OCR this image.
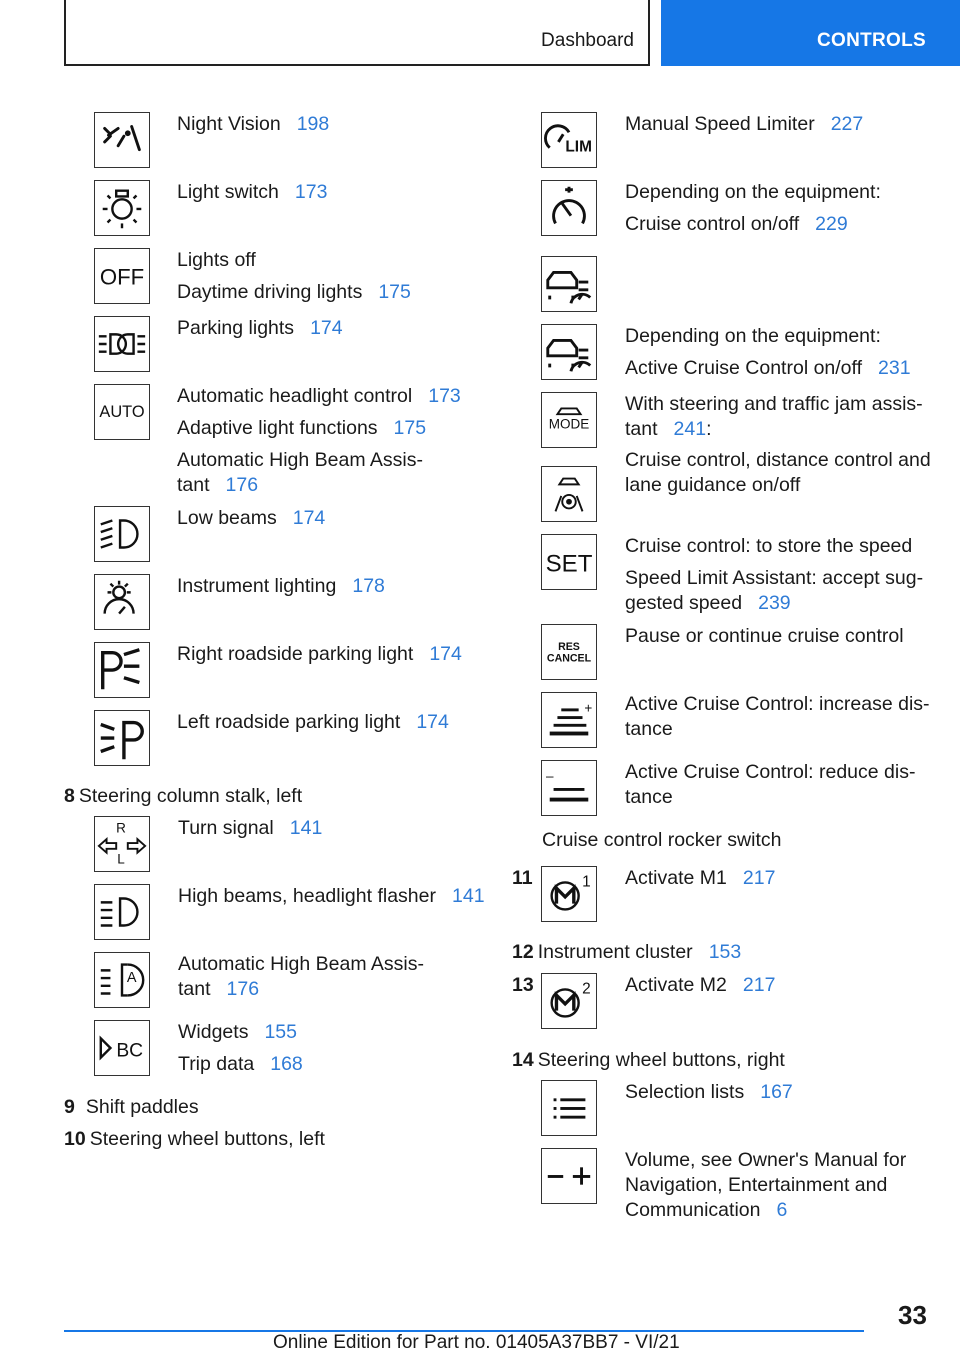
Dashboard	CONTROLS
Night Vision 198
Light switch 173
OFF
Lights off
Daytime driving lights 175
Parking lights 174
AUTO
Automatic headlight control 173
Adaptive light functions 175
Automatic High Beam Assis-
tant 176
Low beams 174
Instrument lighting 178
Right roadside parking light 174
Left roadside parking light 174
8 Steering column stalk, left
R
L
Turn signal 141
High beams, headlight flasher 141
A
Automatic High Beam Assis-
tant 176
BC
Widgets 155
Trip data 168
9 Shift paddles
10 Steering wheel buttons, left
LIM
Manual Speed Limiter 227
Depending on the equipment:
Cruise control on/off 229
Depending on the equipment:
Active Cruise Control on/off 231
MODE
With steering and traffic jam assis-
tant 241:
Cruise control, distance control and
lane guidance on/off
SET
Cruise control: to store the speed
Speed Limit Assistant: accept sug-
gested speed 239
RES
CANCEL
Pause or continue cruise control
+ Active Cruise Control: increase dis-
tance
–	Active Cruise Control: reduce dis-
tance
Cruise control rocker switch
11	1 Activate M1 217
12 Instrument cluster 153
13	2 Activate M2 217
14 Steering wheel buttons, right
Selection lists 167
Volume, see Owner's Manual for
Navigation, Entertainment and
Communication 6
33
Online Edition for Part no. 01405A37BB7 - VI/21
